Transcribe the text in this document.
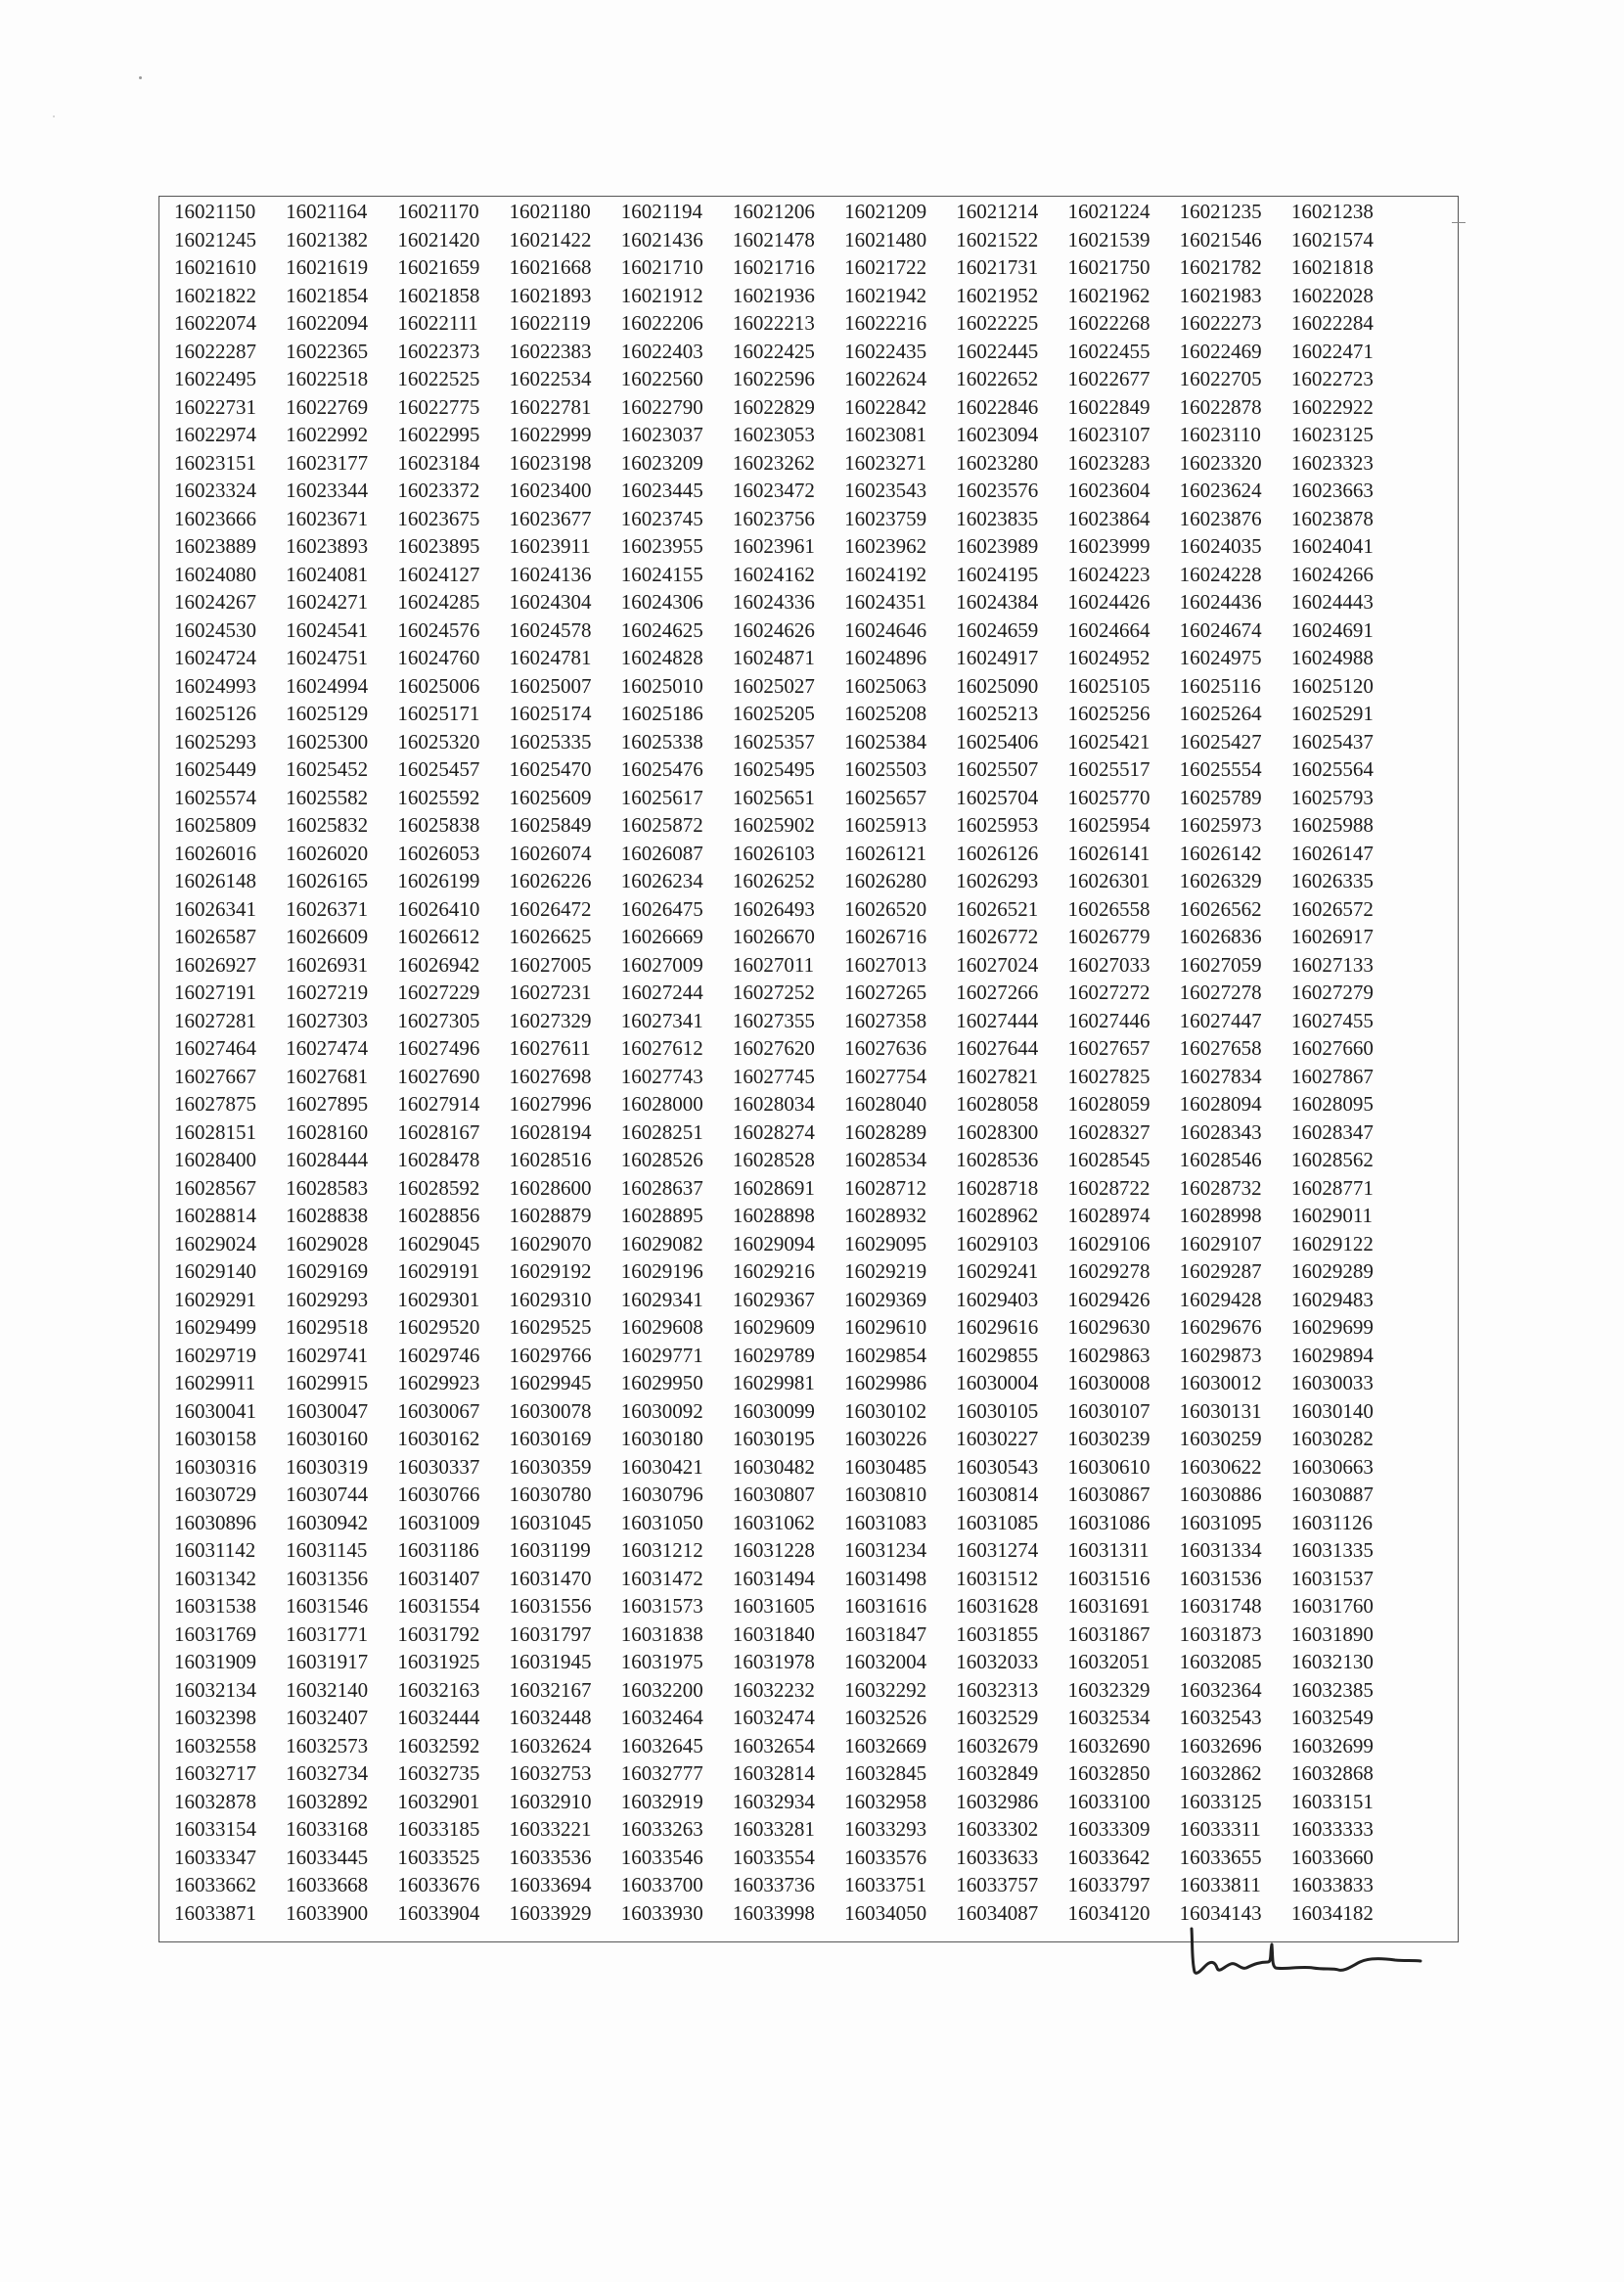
16021150	16021164	16021170	16021180	16021194	16021206	16021209	16021214	16021224	16021235	16021238
16021245	16021382	16021420	16021422	16021436	16021478	16021480	16021522	16021539	16021546	16021574
16021610	16021619	16021659	16021668	16021710	16021716	16021722	16021731	16021750	16021782	16021818
16021822	16021854	16021858	16021893	16021912	16021936	16021942	16021952	16021962	16021983	16022028
16022074	16022094	16022111	16022119	16022206	16022213	16022216	16022225	16022268	16022273	16022284
16022287	16022365	16022373	16022383	16022403	16022425	16022435	16022445	16022455	16022469	16022471
16022495	16022518	16022525	16022534	16022560	16022596	16022624	16022652	16022677	16022705	16022723
16022731	16022769	16022775	16022781	16022790	16022829	16022842	16022846	16022849	16022878	16022922
16022974	16022992	16022995	16022999	16023037	16023053	16023081	16023094	16023107	16023110	16023125
16023151	16023177	16023184	16023198	16023209	16023262	16023271	16023280	16023283	16023320	16023323
16023324	16023344	16023372	16023400	16023445	16023472	16023543	16023576	16023604	16023624	16023663
16023666	16023671	16023675	16023677	16023745	16023756	16023759	16023835	16023864	16023876	16023878
16023889	16023893	16023895	16023911	16023955	16023961	16023962	16023989	16023999	16024035	16024041
16024080	16024081	16024127	16024136	16024155	16024162	16024192	16024195	16024223	16024228	16024266
16024267	16024271	16024285	16024304	16024306	16024336	16024351	16024384	16024426	16024436	16024443
16024530	16024541	16024576	16024578	16024625	16024626	16024646	16024659	16024664	16024674	16024691
16024724	16024751	16024760	16024781	16024828	16024871	16024896	16024917	16024952	16024975	16024988
16024993	16024994	16025006	16025007	16025010	16025027	16025063	16025090	16025105	16025116	16025120
16025126	16025129	16025171	16025174	16025186	16025205	16025208	16025213	16025256	16025264	16025291
16025293	16025300	16025320	16025335	16025338	16025357	16025384	16025406	16025421	16025427	16025437
16025449	16025452	16025457	16025470	16025476	16025495	16025503	16025507	16025517	16025554	16025564
16025574	16025582	16025592	16025609	16025617	16025651	16025657	16025704	16025770	16025789	16025793
16025809	16025832	16025838	16025849	16025872	16025902	16025913	16025953	16025954	16025973	16025988
16026016	16026020	16026053	16026074	16026087	16026103	16026121	16026126	16026141	16026142	16026147
16026148	16026165	16026199	16026226	16026234	16026252	16026280	16026293	16026301	16026329	16026335
16026341	16026371	16026410	16026472	16026475	16026493	16026520	16026521	16026558	16026562	16026572
16026587	16026609	16026612	16026625	16026669	16026670	16026716	16026772	16026779	16026836	16026917
16026927	16026931	16026942	16027005	16027009	16027011	16027013	16027024	16027033	16027059	16027133
16027191	16027219	16027229	16027231	16027244	16027252	16027265	16027266	16027272	16027278	16027279
16027281	16027303	16027305	16027329	16027341	16027355	16027358	16027444	16027446	16027447	16027455
16027464	16027474	16027496	16027611	16027612	16027620	16027636	16027644	16027657	16027658	16027660
16027667	16027681	16027690	16027698	16027743	16027745	16027754	16027821	16027825	16027834	16027867
16027875	16027895	16027914	16027996	16028000	16028034	16028040	16028058	16028059	16028094	16028095
16028151	16028160	16028167	16028194	16028251	16028274	16028289	16028300	16028327	16028343	16028347
16028400	16028444	16028478	16028516	16028526	16028528	16028534	16028536	16028545	16028546	16028562
16028567	16028583	16028592	16028600	16028637	16028691	16028712	16028718	16028722	16028732	16028771
16028814	16028838	16028856	16028879	16028895	16028898	16028932	16028962	16028974	16028998	16029011
16029024	16029028	16029045	16029070	16029082	16029094	16029095	16029103	16029106	16029107	16029122
16029140	16029169	16029191	16029192	16029196	16029216	16029219	16029241	16029278	16029287	16029289
16029291	16029293	16029301	16029310	16029341	16029367	16029369	16029403	16029426	16029428	16029483
16029499	16029518	16029520	16029525	16029608	16029609	16029610	16029616	16029630	16029676	16029699
16029719	16029741	16029746	16029766	16029771	16029789	16029854	16029855	16029863	16029873	16029894
16029911	16029915	16029923	16029945	16029950	16029981	16029986	16030004	16030008	16030012	16030033
16030041	16030047	16030067	16030078	16030092	16030099	16030102	16030105	16030107	16030131	16030140
16030158	16030160	16030162	16030169	16030180	16030195	16030226	16030227	16030239	16030259	16030282
16030316	16030319	16030337	16030359	16030421	16030482	16030485	16030543	16030610	16030622	16030663
16030729	16030744	16030766	16030780	16030796	16030807	16030810	16030814	16030867	16030886	16030887
16030896	16030942	16031009	16031045	16031050	16031062	16031083	16031085	16031086	16031095	16031126
16031142	16031145	16031186	16031199	16031212	16031228	16031234	16031274	16031311	16031334	16031335
16031342	16031356	16031407	16031470	16031472	16031494	16031498	16031512	16031516	16031536	16031537
16031538	16031546	16031554	16031556	16031573	16031605	16031616	16031628	16031691	16031748	16031760
16031769	16031771	16031792	16031797	16031838	16031840	16031847	16031855	16031867	16031873	16031890
16031909	16031917	16031925	16031945	16031975	16031978	16032004	16032033	16032051	16032085	16032130
16032134	16032140	16032163	16032167	16032200	16032232	16032292	16032313	16032329	16032364	16032385
16032398	16032407	16032444	16032448	16032464	16032474	16032526	16032529	16032534	16032543	16032549
16032558	16032573	16032592	16032624	16032645	16032654	16032669	16032679	16032690	16032696	16032699
16032717	16032734	16032735	16032753	16032777	16032814	16032845	16032849	16032850	16032862	16032868
16032878	16032892	16032901	16032910	16032919	16032934	16032958	16032986	16033100	16033125	16033151
16033154	16033168	16033185	16033221	16033263	16033281	16033293	16033302	16033309	16033311	16033333
16033347	16033445	16033525	16033536	16033546	16033554	16033576	16033633	16033642	16033655	16033660
16033662	16033668	16033676	16033694	16033700	16033736	16033751	16033757	16033797	16033811	16033833
16033871	16033900	16033904	16033929	16033930	16033998	16034050	16034087	16034120	16034143	16034182
